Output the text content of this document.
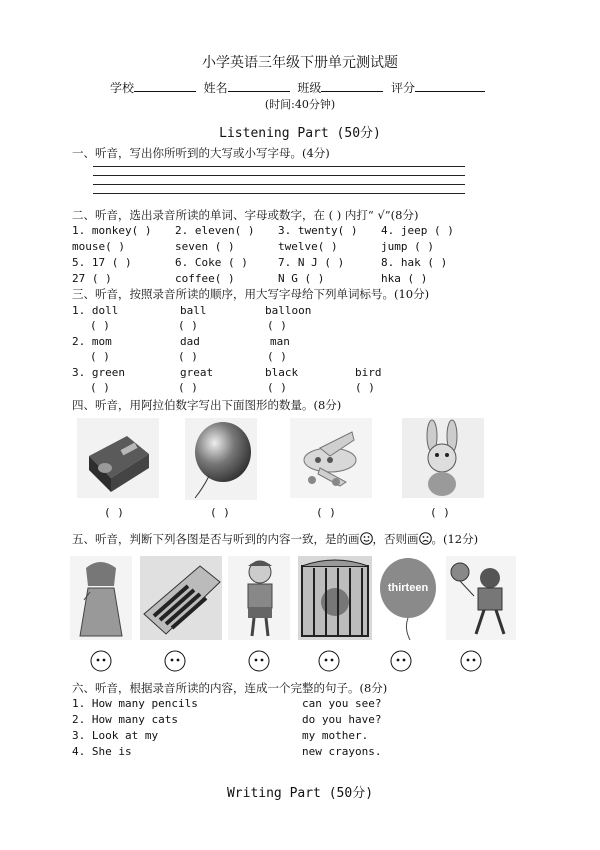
小学英语三年级下册单元测试题
学校	姓名	班级	评分
(时间:40分钟)
Listening Part (50分)
一、听音，写出你所听到的大写或小写字母。(4分)
二、听音，选出录音所读的单词、字母或数字，在 ( ) 内打“ √”(8分)
1. monkey( ) 2. eleven( ) 3. twenty( ) 4. jeep ( )
mouse( )	seven ( )	twelve( )	jump ( )
5. 17 ( )	6. Coke ( )	7. N J ( )	8. hak ( )
27 ( )	coffee( )	N G ( )	hka ( )
三、听音，按照录音所读的顺序，用大写字母给下列单词标号。(10分)
1. doll	ball	balloon
( )	( )	( )
2. mom	dad	man
( )	( )	( )
3. green	great	black	bird
( )	( )	( )	( )
四、听音，用阿拉伯数字写出下面图形的数量。(8分)
( )	( )	( )	( )
五、听音，判断下列各图是否与听到的内容一致，是的画 ，否则画 。(12分)
thirteen
六、听音，根据录音所读的内容，连成一个完整的句子。(8分)
1. How many pencils
2. How many cats
3. Look at my
4. She is
can you see?
do you have?
my mother.
new crayons.
Writing Part (50分)
